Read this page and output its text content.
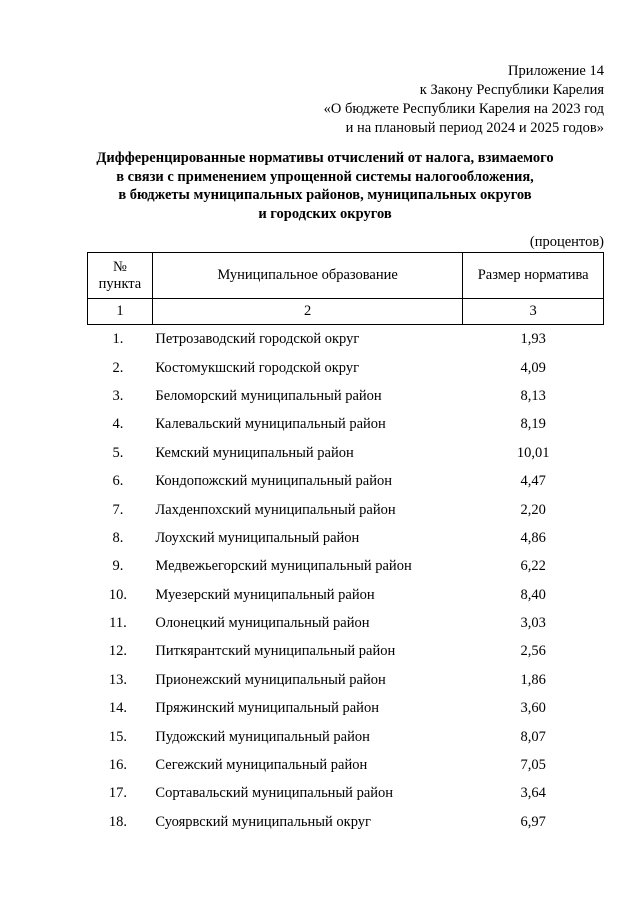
Приложение 14
к Закону Республики Карелия
«О бюджете Республики Карелия на 2023 год
и на плановый период 2024 и 2025 годов»
Дифференцированные нормативы отчислений от налога, взимаемого
в связи с применением упрощенной системы налогообложения,
в бюджеты муниципальных районов, муниципальных округов
и городских округов
(процентов)
№
пункта	Муниципальное образование	Размер норматива
1	2	3
1.	Петрозаводский городской округ	1,93
2.	Костомукшский городской округ	4,09
3.	Беломорский муниципальный район	8,13
4.	Калевальский муниципальный район	8,19
5.	Кемский муниципальный район	10,01
6.	Кондопожский муниципальный район	4,47
7.	Лахденпохский муниципальный район	2,20
8.	Лоухский муниципальный район	4,86
9.	Медвежьегорский муниципальный район	6,22
10.	Муезерский муниципальный район	8,40
11.	Олонецкий муниципальный район	3,03
12.	Питкярантский муниципальный район	2,56
13.	Прионежский муниципальный район	1,86
14.	Пряжинский муниципальный район	3,60
15.	Пудожский муниципальный район	8,07
16.	Сегежский муниципальный район	7,05
17.	Сортавальский муниципальный район	3,64
18.	Суоярвский муниципальный округ	6,97
